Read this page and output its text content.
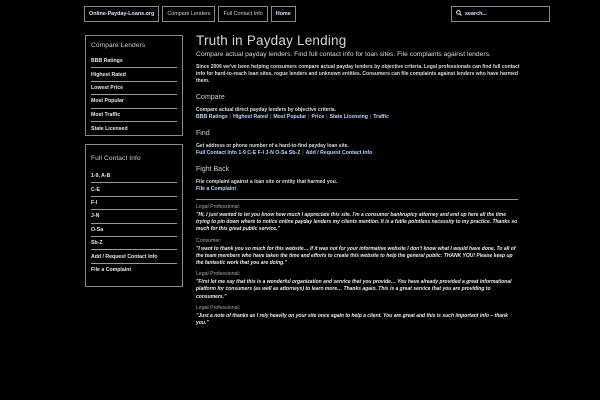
Online-Payday-Loans.org	Compare Lenders	Full Contact Info	Home	search...
Compare Lenders
BBB Ratings
Highest Rated
Lowest Price
Most Popular
Most Traffic
State Licensed
Full Contact Info
1-9, A-B
C-E
F-I
J-N
O-Sa
Sb-Z
Add / Request Contact Info
File a Complaint
Truth in Payday Lending
Compare actual payday lenders. Find full contact info for loan sites. File complaints against lenders.
Since 2006 we've been helping consumers compare actual payday lenders by objective criteria. Legal professionals can find full contact info for hard-to-reach loan sites, rogue lenders and unknown entities. Consumers can file complaints against lenders who have harmed them.
Compare
Compare actual direct payday lenders by objective criteria.
BBB Ratings | Highest Rated | Most Popular | Price | State Licensing | Traffic
Find
Get address or phone number of a hard-to-find payday loan site.
Full Contact Info 1-9 C-E F-I J-N O-Sa Sb-Z | Add / Request Contact Info
Fight Back
File complaint against a loan site or entity that harmed you.
File a Complaint
Legal Professional:
"Hi, I just wanted to let you know how much I appreciate this site. I'm a consumer bankruptcy attorney and end up here all the time trying to pin down where to notice online payday lenders my clients mention. It is a futile pointless necessity to my practice. Thanks so much for this great public service."
Consumer:
"I want to thank you so much for this website… If it was not for your informative website I don't know what I would have done. To all of the team members who have taken the time and efforts to create this website to help the general public: THANK YOU! Please keep up the fantastic work that you are doing."
Legal Professional:
"First let me say that this is a wonderful organization and service that you provide… You have already provided a great informational platform for consumers (as well as attorneys) to learn more… Thanks again. This is a great service that you are providing to consumers."
Legal Professional:
"Just a note of thanks as I rely heavily on your site once again to help a client. You are great and this is such important info – thank you."
